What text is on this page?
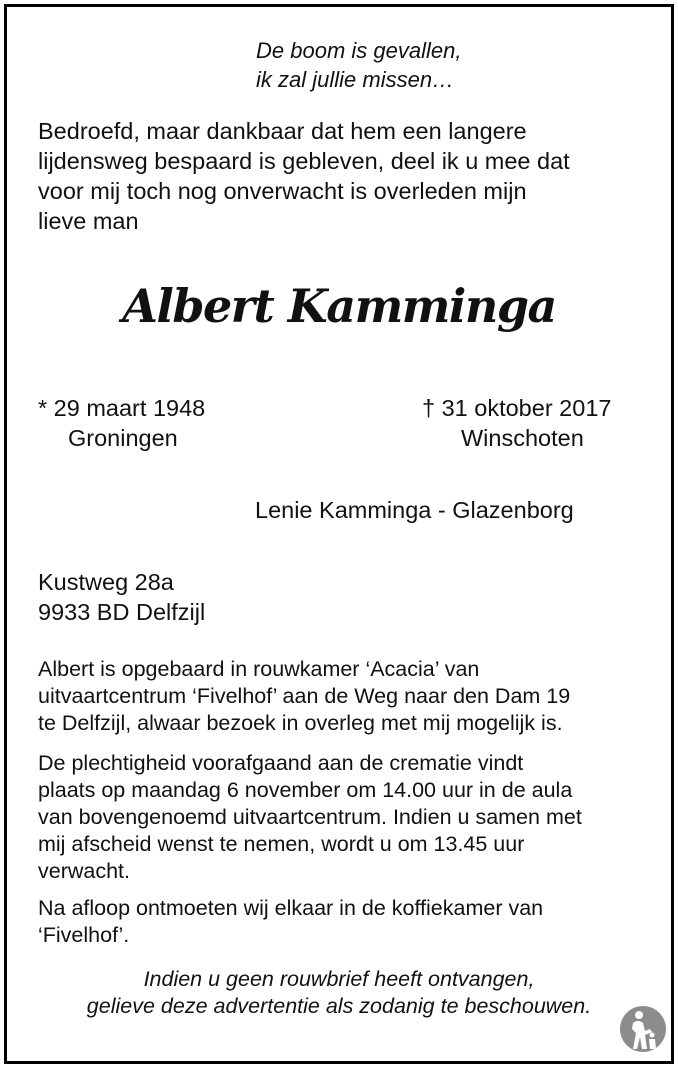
De boom is gevallen,
ik zal jullie missen…
Bedroefd, maar dankbaar dat hem een langere
lijdensweg bespaard is gebleven, deel ik u mee dat
voor mij toch nog onverwacht is overleden mijn
lieve man
Albert Kamminga
* 29 maart 1948
Groningen
† 31 oktober 2017
Winschoten
Lenie Kamminga - Glazenborg
Kustweg 28a
9933 BD Delfzijl
Albert is opgebaard in rouwkamer ‘Acacia’ van
uitvaartcentrum ‘Fivelhof’ aan de Weg naar den Dam 19
te Delfzijl, alwaar bezoek in overleg met mij mogelijk is.
De plechtigheid voorafgaand aan de crematie vindt
plaats op maandag 6 november om 14.00 uur in de aula
van bovengenoemd uitvaartcentrum. Indien u samen met
mij afscheid wenst te nemen, wordt u om 13.45 uur
verwacht.
Na afloop ontmoeten wij elkaar in de koffiekamer van
‘Fivelhof’.
Indien u geen rouwbrief heeft ontvangen,
gelieve deze advertentie als zodanig te beschouwen.
